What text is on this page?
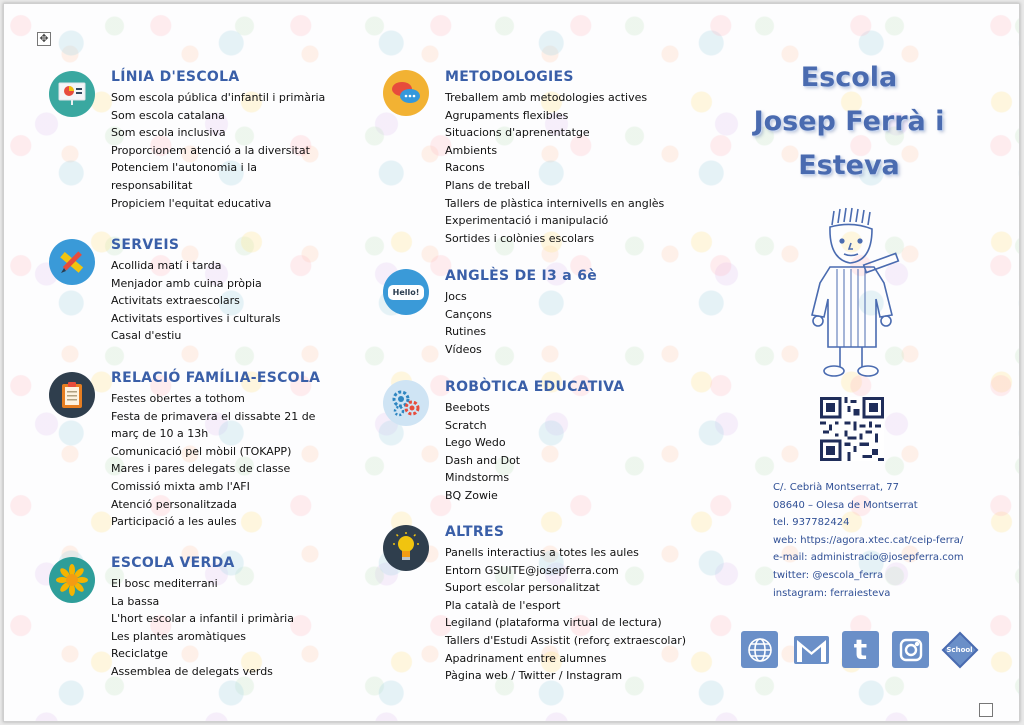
✥
LÍNIA D'ESCOLA
Som escola pública d'infantil i primària
Som escola catalana
Som escola inclusiva
Proporcionem atenció a la diversitat
Potenciem l'autonomia i la
responsabilitat
Propiciem l'equitat educativa
SERVEIS
Acollida matí i tarda
Menjador amb cuina pròpia
Activitats extraescolars
Activitats esportives i culturals
Casal d'estiu
RELACIÓ FAMÍLIA-ESCOLA
Festes obertes a tothom
Festa de primavera el dissabte 21 de
març de 10 a 13h
Comunicació pel mòbil (TOKAPP)
Mares i pares delegats de classe
Comissió mixta amb l'AFI
Atenció personalitzada
Participació a les aules
ESCOLA VERDA
El bosc mediterrani
La bassa
L'hort escolar a infantil i primària
Les plantes aromàtiques
Reciclatge
Assemblea de delegats verds
METODOLOGIES
Treballem amb metodologies actives
Agrupaments flexibles
Situacions d'aprenentatge
Ambients
Racons
Plans de treball
Tallers de plàstica internivells en anglès
Experimentació i manipulació
Sortides i colònies escolars
Hello!
ANGLÈS DE I3 a 6è
Jocs
Cançons
Rutines
Vídeos
ROBÒTICA EDUCATIVA
Beebots
Scratch
Lego Wedo
Dash and Dot
Mindstorms
BQ Zowie
ALTRES
Panells interactius a totes les aules
Entorn GSUITE@josepferra.com
Suport escolar personalitzat
Pla català de l'esport
Legiland (plataforma virtual de lectura)
Tallers d'Estudi Assistit (reforç extraescolar)
Apadrinament entre alumnes
Pàgina web / Twitter / Instagram
Escola
Josep Ferrà i
Esteva
C/. Cebrià Montserrat, 77
08640 – Olesa de Montserrat
tel. 937782424
web: https://agora.xtec.cat/ceip-ferra/
e-mail: administracio@josepferra.com
twitter: @escola_ferra
instagram: ferraiesteva
t	School
